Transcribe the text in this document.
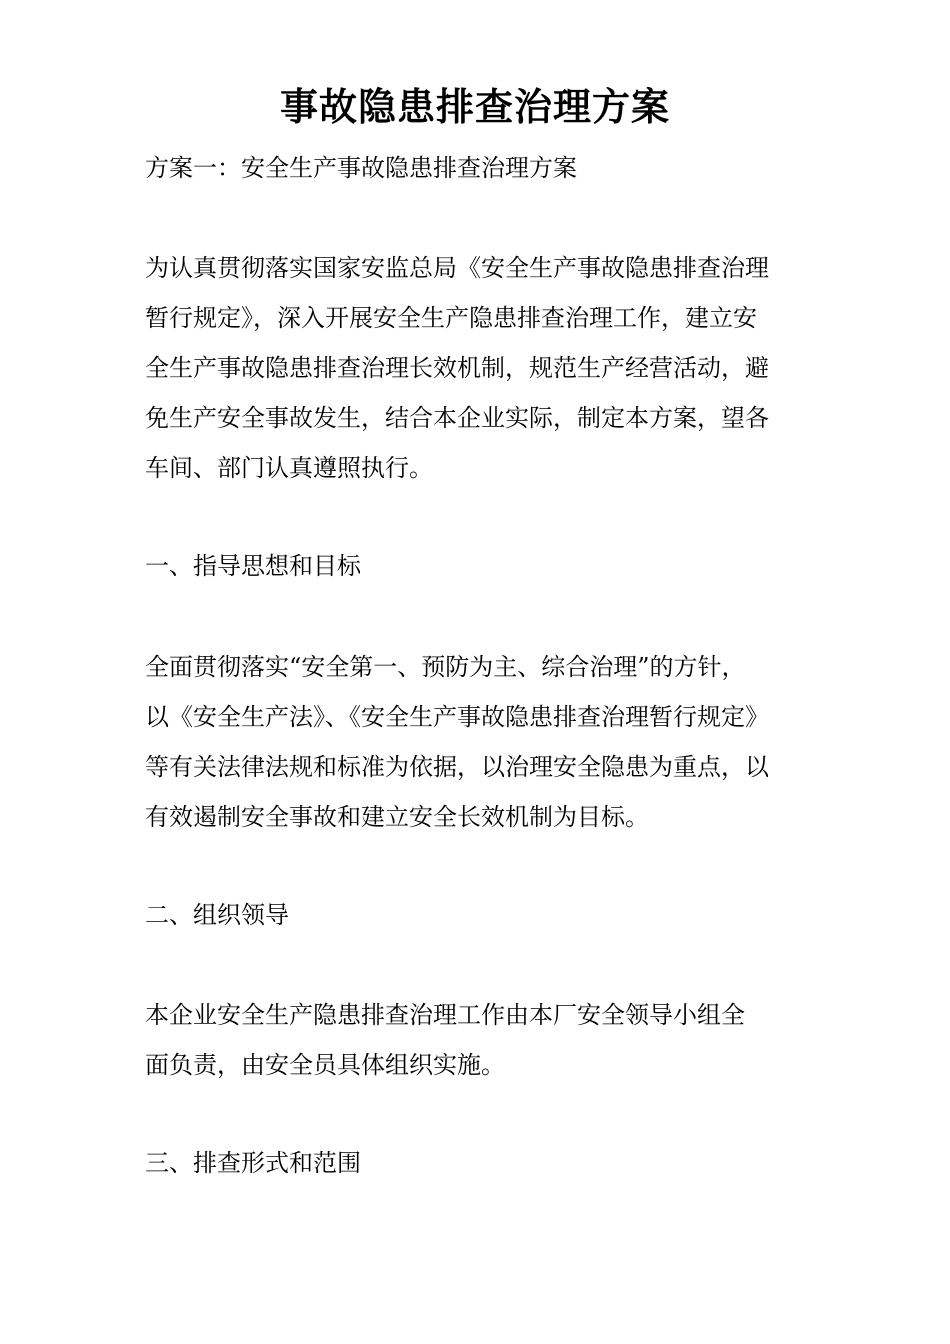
事故隐患排查治理方案

方案一：安全生产事故隐患排查治理方案

为认真贯彻落实国家安监总局《安全生产事故隐患排查治理
暂行规定》，深入开展安全生产隐患排查治理工作，建立安
全生产事故隐患排查治理长效机制，规范生产经营活动，避
免生产安全事故发生，结合本企业实际，制定本方案，望各
车间、部门认真遵照执行。

一、指导思想和目标

全面贯彻落实“安全第一、预防为主、综合治理”的方针，
以《安全生产法》、《安全生产事故隐患排查治理暂行规定》
等有关法律法规和标准为依据，以治理安全隐患为重点，以
有效遏制安全事故和建立安全长效机制为目标。

二、组织领导

本企业安全生产隐患排查治理工作由本厂安全领导小组全
面负责，由安全员具体组织实施。

三、排查形式和范围
